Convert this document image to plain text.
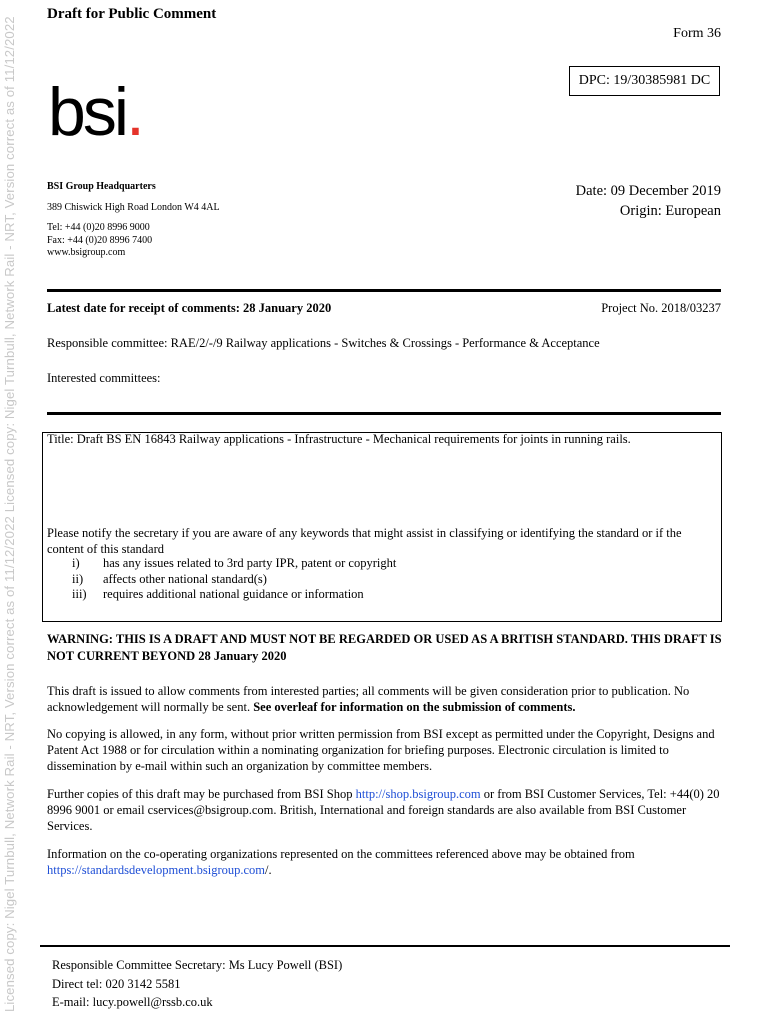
Licensed copy: Nigel Turnbull, Network Rail - NRT, Version correct as of 11/12/2022 Licensed copy: Nigel Turnbull, Network Rail - NRT, Version correct as of 11/12/2022
Draft for Public Comment
Form 36
DPC: 19/30385981 DC
bsi.
BSI Group Headquarters
389 Chiswick High Road London W4 4AL
Tel: +44 (0)20 8996 9000
Fax: +44 (0)20 8996 7400
www.bsigroup.com
Date: 09 December 2019
Origin: European
Latest date for receipt of comments: 28 January 2020	Project No. 2018/03237
Responsible committee: RAE/2/-/9 Railway applications - Switches & Crossings - Performance & Acceptance
Interested committees:
Title: Draft BS EN 16843 Railway applications - Infrastructure - Mechanical requirements for joints in running rails.
Please notify the secretary if you are aware of any keywords that might assist in classifying or identifying the standard or if the content of this standard
i)	has any issues related to 3rd party IPR, patent or copyright
ii)	affects other national standard(s)
iii)	requires additional national guidance or information
WARNING: THIS IS A DRAFT AND MUST NOT BE REGARDED OR USED AS A BRITISH STANDARD. THIS DRAFT IS NOT CURRENT BEYOND 28 January 2020
This draft is issued to allow comments from interested parties; all comments will be given consideration prior to publication. No acknowledgement will normally be sent. See overleaf for information on the submission of comments.
No copying is allowed, in any form, without prior written permission from BSI except as permitted under the Copyright, Designs and Patent Act 1988 or for circulation within a nominating organization for briefing purposes. Electronic circulation is limited to dissemination by e-mail within such an organization by committee members.
Further copies of this draft may be purchased from BSI Shop http://shop.bsigroup.com or from BSI Customer Services, Tel: +44(0) 20 8996 9001 or email cservices@bsigroup.com. British, International and foreign standards are also available from BSI Customer Services.
Information on the co-operating organizations represented on the committees referenced above may be obtained from https://standardsdevelopment.bsigroup.com/.
Responsible Committee Secretary: Ms Lucy Powell (BSI)
Direct tel: 020 3142 5581
E-mail: lucy.powell@rssb.co.uk
